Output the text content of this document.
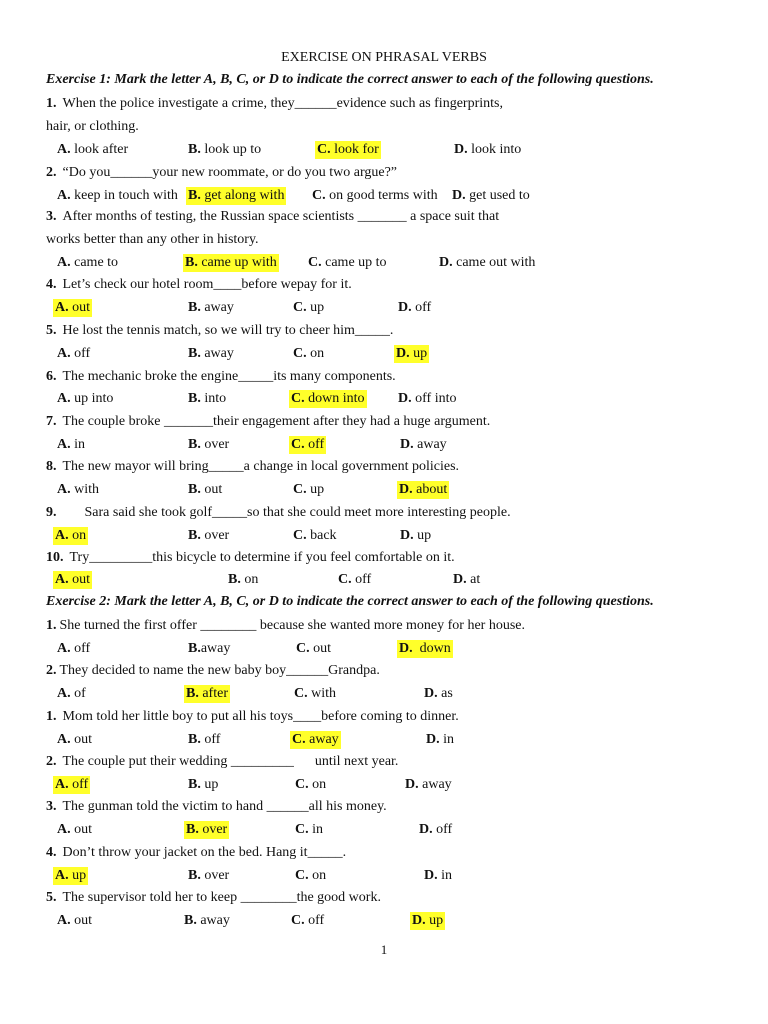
EXERCISE ON PHRASAL VERBS
Exercise 1: Mark the letter A, B, C, or D to indicate the correct answer to each of the following questions.
1. When the police investigate a crime, they______evidence such as fingerprints,
hair, or clothing.
A. look after	B. look up to	C. look for	D. look into
2. “Do you______your new roommate, or do you two argue?”
A. keep in touch with B. get along with C. on good terms with D. get used to
3. After months of testing, the Russian space scientists _______ a space suit that
works better than any other in history.
A. came to	B. came up with C. came up to	D. came out with
4. Let’s check our hotel room____before wepay for it.
A. out	B. away	C. up	D. off
5. He lost the tennis match, so we will try to cheer him_____.
A. off	B. away	C. on	D. up
6. The mechanic broke the engine_____its many components.
A. up into	B. into	C. down into D. off into
7. The couple broke _______their engagement after they had a huge argument.
A. in	B. over	C. off	D. away
8. The new mayor will bring_____a change in local government policies.
A. with	B. out	C. up	D. about
9. Sara said she took golf_____so that she could meet more interesting people.
A. on	B. over	C. back	D. up
10. Try_________this bicycle to determine if you feel comfortable on it.
A. out	B. on	C. off	D. at
Exercise 2: Mark the letter A, B, C, or D to indicate the correct answer to each of the following questions.
1. She turned the first offer ________ because she wanted more money for her house.
A. off	B.away	C. out	D.  down
2. They decided to name the new baby boy______Grandpa.
A. of	B. after	C. with	D. as
1. Mom told her little boy to put all his toys____before coming to dinner.
A. out	B. off	C. away	D. in
2. The couple put their wedding _________      until next year.
A. off	B. up	C. on	D. away
3. The gunman told the victim to hand ______all his money.
A. out	B. over	C. in	D. off
4. Don’t throw your jacket on the bed. Hang it_____.
A. up	B. over	C. on	D. in
5. The supervisor told her to keep ________the good work.
A. out	B. away	C. off	D. up
1
